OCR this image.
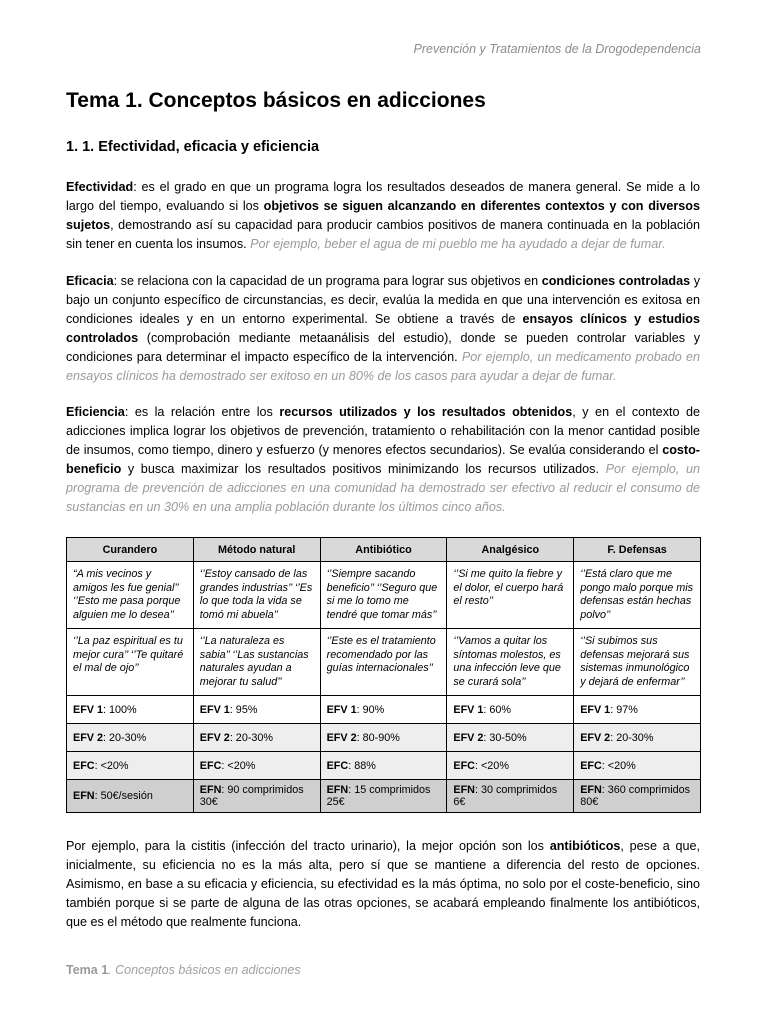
Prevención y Tratamientos de la Drogodependencia
Tema 1. Conceptos básicos en adicciones
1. 1. Efectividad, eficacia y eficiencia

Efectividad: es el grado en que un programa logra los resultados deseados de manera general. Se mide a lo largo del tiempo, evaluando si los objetivos se siguen alcanzando en diferentes contextos y con diversos sujetos, demostrando así su capacidad para producir cambios positivos de manera continuada en la población sin tener en cuenta los insumos. Por ejemplo, beber el agua de mi pueblo me ha ayudado a dejar de fumar.

Eficacia: se relaciona con la capacidad de un programa para lograr sus objetivos en condiciones controladas y bajo un conjunto específico de circunstancias, es decir, evalúa la medida en que una intervención es exitosa en condiciones ideales y en un entorno experimental. Se obtiene a través de ensayos clínicos y estudios controlados (comprobación mediante metaanálisis del estudio), donde se pueden controlar variables y condiciones para determinar el impacto específico de la intervención. Por ejemplo, un medicamento probado en ensayos clínicos ha demostrado ser exitoso en un 80% de los casos para ayudar a dejar de fumar.

Eficiencia: es la relación entre los recursos utilizados y los resultados obtenidos, y en el contexto de adicciones implica lograr los objetivos de prevención, tratamiento o rehabilitación con la menor cantidad posible de insumos, como tiempo, dinero y esfuerzo (y menores efectos secundarios). Se evalúa considerando el costo-beneficio y busca maximizar los resultados positivos minimizando los recursos utilizados. Por ejemplo, un programa de prevención de adicciones en una comunidad ha demostrado ser efectivo al reducir el consumo de sustancias en un 30% en una amplia población durante los últimos cinco años.

Curandero	Método natural	Antibiótico	Analgésico	F. Defensas
“A mis vecinos y amigos les fue genial’’ ‘’Esto me pasa porque alguien me lo desea’’	‘’Estoy cansado de las grandes industrias’’ ‘’Es lo que toda la vida se tomó mi abuela’’	‘’Siempre sacando beneficio’’ ‘’Seguro que si me lo tomo me tendré que tomar más’’	‘’Si me quito la fiebre y el dolor, el cuerpo hará el resto’’	‘’Está claro que me pongo malo porque mis defensas están hechas polvo’’
‘’La paz espiritual es tu mejor cura’’ ‘’Te quitaré el mal de ojo’’	‘’La naturaleza es sabia’’ ‘’Las sustancias naturales ayudan a mejorar tu salud’’	‘’Este es el tratamiento recomendado por las guías internacionales’’	‘’Vamos a quitar los síntomas molestos, es una infección leve que se curará sola’’	‘’Si subimos sus defensas mejorará sus sistemas inmunológico y dejará de enfermar’’
EFV 1: 100%	EFV 1: 95%	EFV 1: 90%	EFV 1: 60%	EFV 1: 97%
EFV 2: 20-30%	EFV 2: 20-30%	EFV 2: 80-90%	EFV 2: 30-50%	EFV 2: 20-30%
EFC: <20%	EFC: <20%	EFC: 88%	EFC: <20%	EFC: <20%
EFN: 50€/sesión	EFN: 90 comprimidos 30€	EFN: 15 comprimidos 25€	EFN: 30 comprimidos 6€	EFN: 360 comprimidos 80€

Por ejemplo, para la cistitis (infección del tracto urinario), la mejor opción son los antibióticos, pese a que, inicialmente, su eficiencia no es la más alta, pero sí que se mantiene a diferencia del resto de opciones. Asimismo, en base a su eficacia y eficiencia, su efectividad es la más óptima, no solo por el coste-beneficio, sino también porque si se parte de alguna de las otras opciones, se acabará empleando finalmente los antibióticos, que es el método que realmente funciona.

Tema 1. Conceptos básicos en adicciones
